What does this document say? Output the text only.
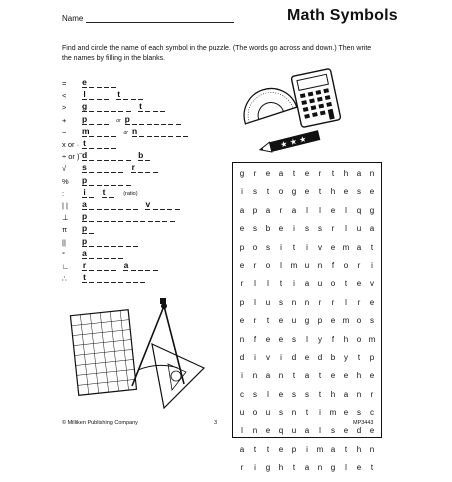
Name	Math Symbols
Find and circle the name of each symbol in the puzzle. (The words go across and down.) Then write the names by filling in the blanks.
=	e
<	l	t
>	g	t
+	p	or p
−	m	or n
x or · t
÷ or )‾ d	b
√	s	r
%	p
:	i t	(ratio)
| |	a	v
⊥	p
π	p
||	p
°	a
∟	r	a
∴	t
★ ★ ★
g	r	e	a	t	e	r	t	h	a	n
i	s	t	o	g	e	t	h	e	s	e
a	p	a	r	a	l	l	e	l	q	g
e	s	b	e	i	s	s	r	l	u	a
p	o	s	i	t	i	v	e m a	t
e	r	o	l	m u	n	f	o	r	i
r	l	l	t	i	a	u	o	t	e	v
p	l	u	s	n	n	r	r	l	r	e
e	r	t	e	u	g	p	e m o	s
n	f	e	e	s	l	y	f	h	o m
d	i	v	i	d	e	d	b	y	t	p
i	n	a	n	t	a	t	e	e	h	e
c	s	l	e	s	s	t	h	a	n	r
u	o	u	s	n	t	i	m e	s	c
l	n	e	q	u	a	l	s	e	d	e
a	t	t	e	p	i	m a	t	h	n
r	i	g	h	t	a	n	g	l	e	t
© Milliken Publishing Company	3	MP3443
